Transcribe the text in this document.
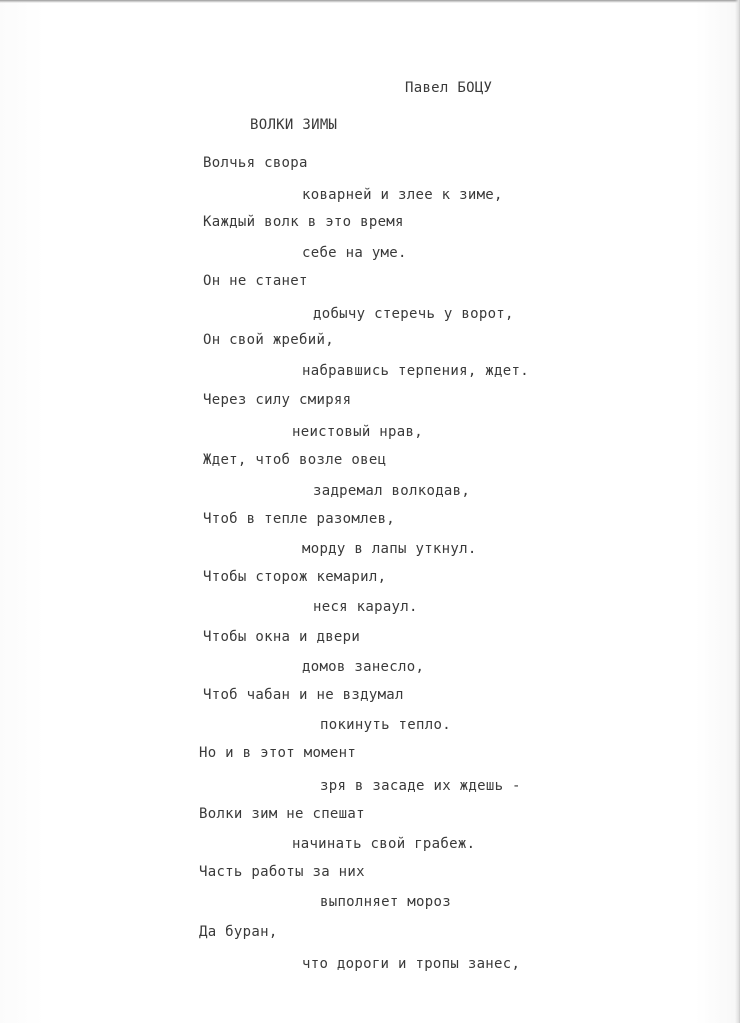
Павел БОЦУ
ВОЛКИ ЗИМЫ
Волчья свора
коварней и злее к зиме,
Каждый волк в это время
себе на уме.
Он не станет
добычу стеречь у ворот,
Он свой жребий,
набравшись терпения, ждет.
Через силу смиряя
неистовый нрав,
Ждет, чтоб возле овец
задремал волкодав,
Чтоб в тепле разомлев,
морду в лапы уткнул.
Чтобы сторож кемарил,
неся караул.
Чтобы окна и двери
домов занесло,
Чтоб чабан и не вздумал
покинуть тепло.
Но и в этот момент
зря в засаде их ждешь -
Волки зим не спешат
начинать свой грабеж.
Часть работы за них
выполняет мороз
Да буран,
что дороги и тропы занес,
